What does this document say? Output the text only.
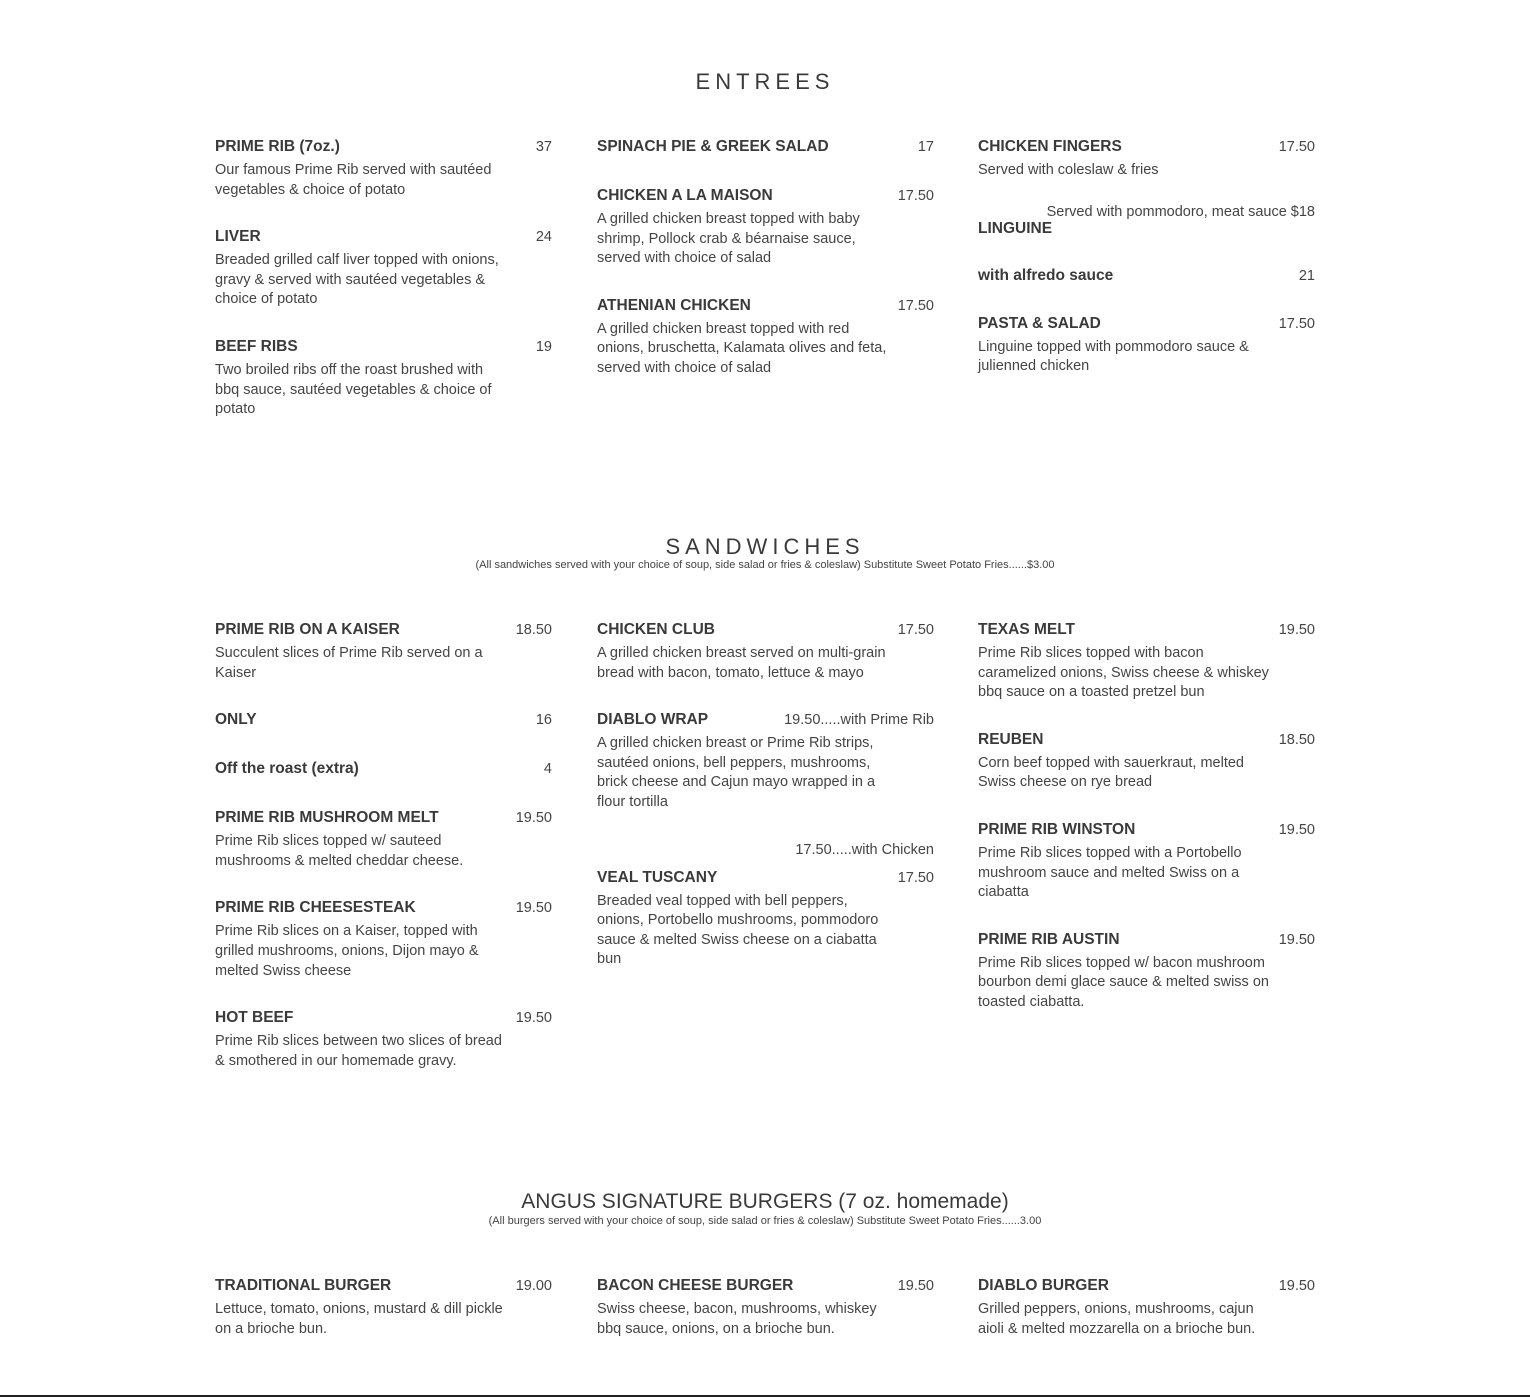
ENTREES
PRIME RIB (7oz.)	37
Our famous Prime Rib served with sautéed vegetables & choice of potato
LIVER	24
Breaded grilled calf liver topped with onions, gravy & served with sautéed vegetables & choice of potato
BEEF RIBS	19
Two broiled ribs off the roast brushed with bbq sauce, sautéed vegetables & choice of potato
SPINACH PIE & GREEK SALAD	17
CHICKEN A LA MAISON	17.50
A grilled chicken breast topped with baby shrimp, Pollock crab & béarnaise sauce, served with choice of salad
ATHENIAN CHICKEN	17.50
A grilled chicken breast topped with red onions, bruschetta, Kalamata olives and feta, served with choice of salad
CHICKEN FINGERS	17.50
Served with coleslaw & fries
Served with pommodoro, meat sauce $18
LINGUINE
with alfredo sauce	21
PASTA & SALAD	17.50
Linguine topped with pommodoro sauce & julienned chicken
SANDWICHES

(All sandwiches served with your choice of soup, side salad or fries & coleslaw) Substitute Sweet Potato Fries......$3.00

PRIME RIB ON A KAISER	18.50
Succulent slices of Prime Rib served on a Kaiser
ONLY	16
Off the roast (extra)	4
PRIME RIB MUSHROOM MELT	19.50
Prime Rib slices topped w/ sauteed mushrooms & melted cheddar cheese.
PRIME RIB CHEESESTEAK	19.50
Prime Rib slices on a Kaiser, topped with grilled mushrooms, onions, Dijon mayo & melted Swiss cheese
HOT BEEF	19.50
Prime Rib slices between two slices of bread & smothered in our homemade gravy.
CHICKEN CLUB	17.50
A grilled chicken breast served on multi-grain bread with bacon, tomato, lettuce & mayo
DIABLO WRAP	19.50.....with Prime Rib
A grilled chicken breast or Prime Rib strips, sautéed onions, bell peppers, mushrooms, brick cheese and Cajun mayo wrapped in a flour tortilla
17.50.....with Chicken
VEAL TUSCANY	17.50
Breaded veal topped with bell peppers, onions, Portobello mushrooms, pommodoro sauce & melted Swiss cheese on a ciabatta bun
TEXAS MELT	19.50
Prime Rib slices topped with bacon caramelized onions, Swiss cheese & whiskey bbq sauce on a toasted pretzel bun
REUBEN	18.50
Corn beef topped with sauerkraut, melted Swiss cheese on rye bread
PRIME RIB WINSTON	19.50
Prime Rib slices topped with a Portobello mushroom sauce and melted Swiss on a ciabatta
PRIME RIB AUSTIN	19.50
Prime Rib slices topped w/ bacon mushroom bourbon demi glace sauce & melted swiss on toasted ciabatta.
ANGUS SIGNATURE BURGERS (7 oz. homemade)

(All burgers served with your choice of soup, side salad or fries & coleslaw) Substitute Sweet Potato Fries......3.00

TRADITIONAL BURGER	19.00
Lettuce, tomato, onions, mustard & dill pickle on a brioche bun.
BACON CHEESE BURGER	19.50
Swiss cheese, bacon, mushrooms, whiskey bbq sauce, onions, on a brioche bun.
DIABLO BURGER	19.50
Grilled peppers, onions, mushrooms, cajun aioli & melted mozzarella on a brioche bun.
